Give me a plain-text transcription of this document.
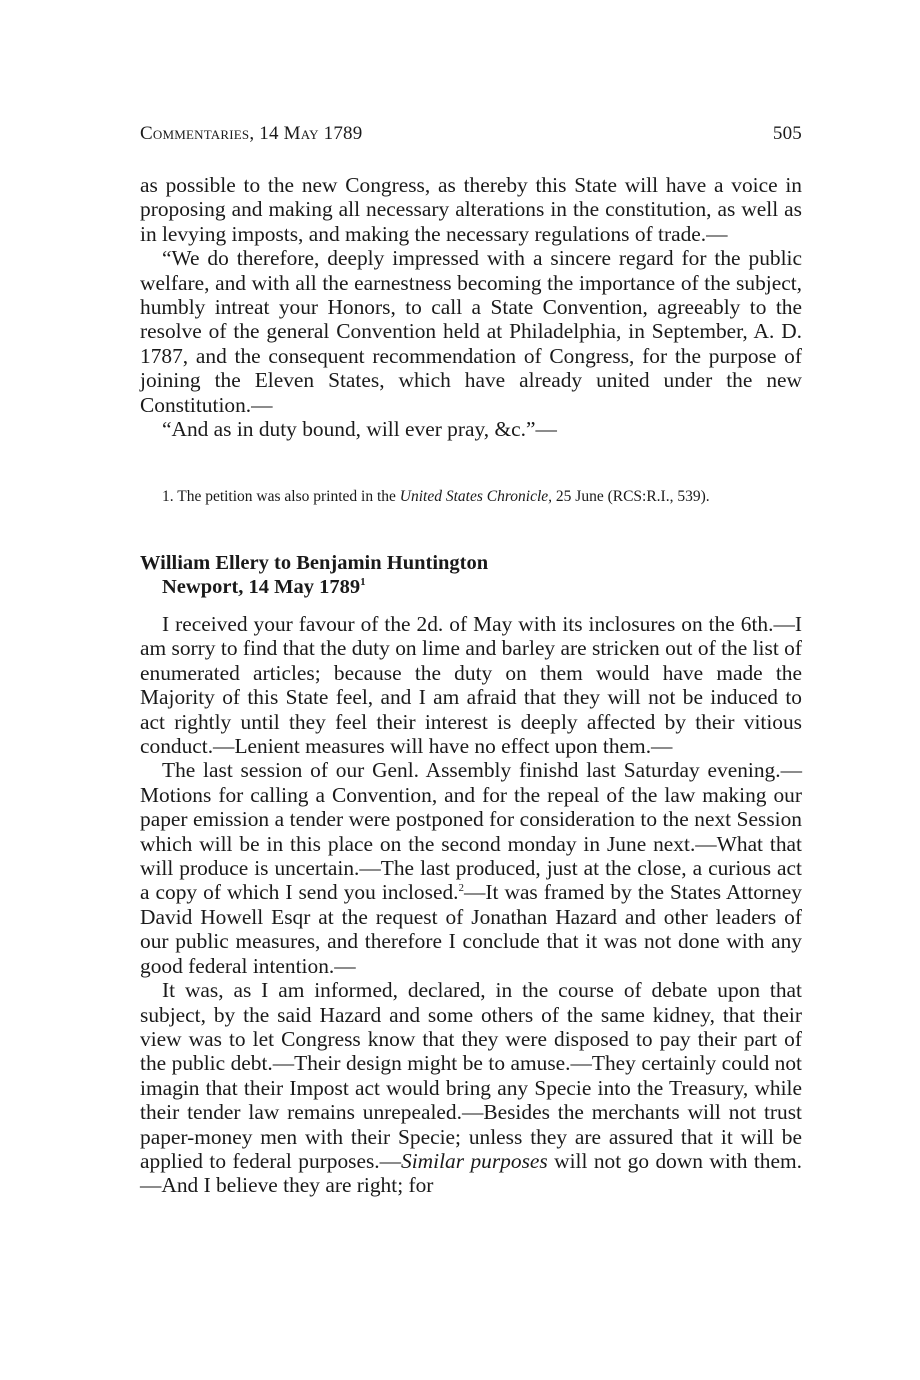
Commentaries, 14 May 1789	505

as possible to the new Congress, as thereby this State will have a voice in proposing and making all necessary alterations in the constitution, as well as in levying imposts, and making the necessary regulations of trade.—

“We do therefore, deeply impressed with a sincere regard for the public welfare, and with all the earnestness becoming the importance of the subject, humbly intreat your Honors, to call a State Convention, agreeably to the resolve of the general Convention held at Philadelphia, in September, A. D. 1787, and the consequent recommendation of Congress, for the purpose of joining the Eleven States, which have already united under the new Constitution.—

“And as in duty bound, will ever pray, &c.”—

1. The petition was also printed in the United States Chronicle, 25 June (RCS:R.I., 539).
William Ellery to Benjamin Huntington
Newport, 14 May 1789$^1$

I received your favour of the 2d. of May with its inclosures on the 6th.—I am sorry to find that the duty on lime and barley are stricken out of the list of enumerated articles; because the duty on them would have made the Majority of this State feel, and I am afraid that they will not be induced to act rightly until they feel their interest is deeply affected by their vitious conduct.—Lenient measures will have no effect upon them.—

The last session of our Genl. Assembly finishd last Saturday evening.—Motions for calling a Convention, and for the repeal of the law making our paper emission a tender were postponed for consideration to the next Session which will be in this place on the second monday in June next.—What that will produce is uncertain.—The last produced, just at the close, a curious act a copy of which I send you inclosed.$^2$—It was framed by the States Attorney David Howell Esqr at the request of Jonathan Hazard and other leaders of our public measures, and therefore I conclude that it was not done with any good federal intention.—

It was, as I am informed, declared, in the course of debate upon that subject, by the said Hazard and some others of the same kidney, that their view was to let Congress know that they were disposed to pay their part of the public debt.—Their design might be to amuse.—They certainly could not imagin that their Impost act would bring any Specie into the Treasury, while their tender law remains unrepealed.—Besides the merchants will not trust paper-money men with their Specie; unless they are assured that it will be applied to federal purposes.—Similar purposes will not go down with them.—And I believe they are right; for
